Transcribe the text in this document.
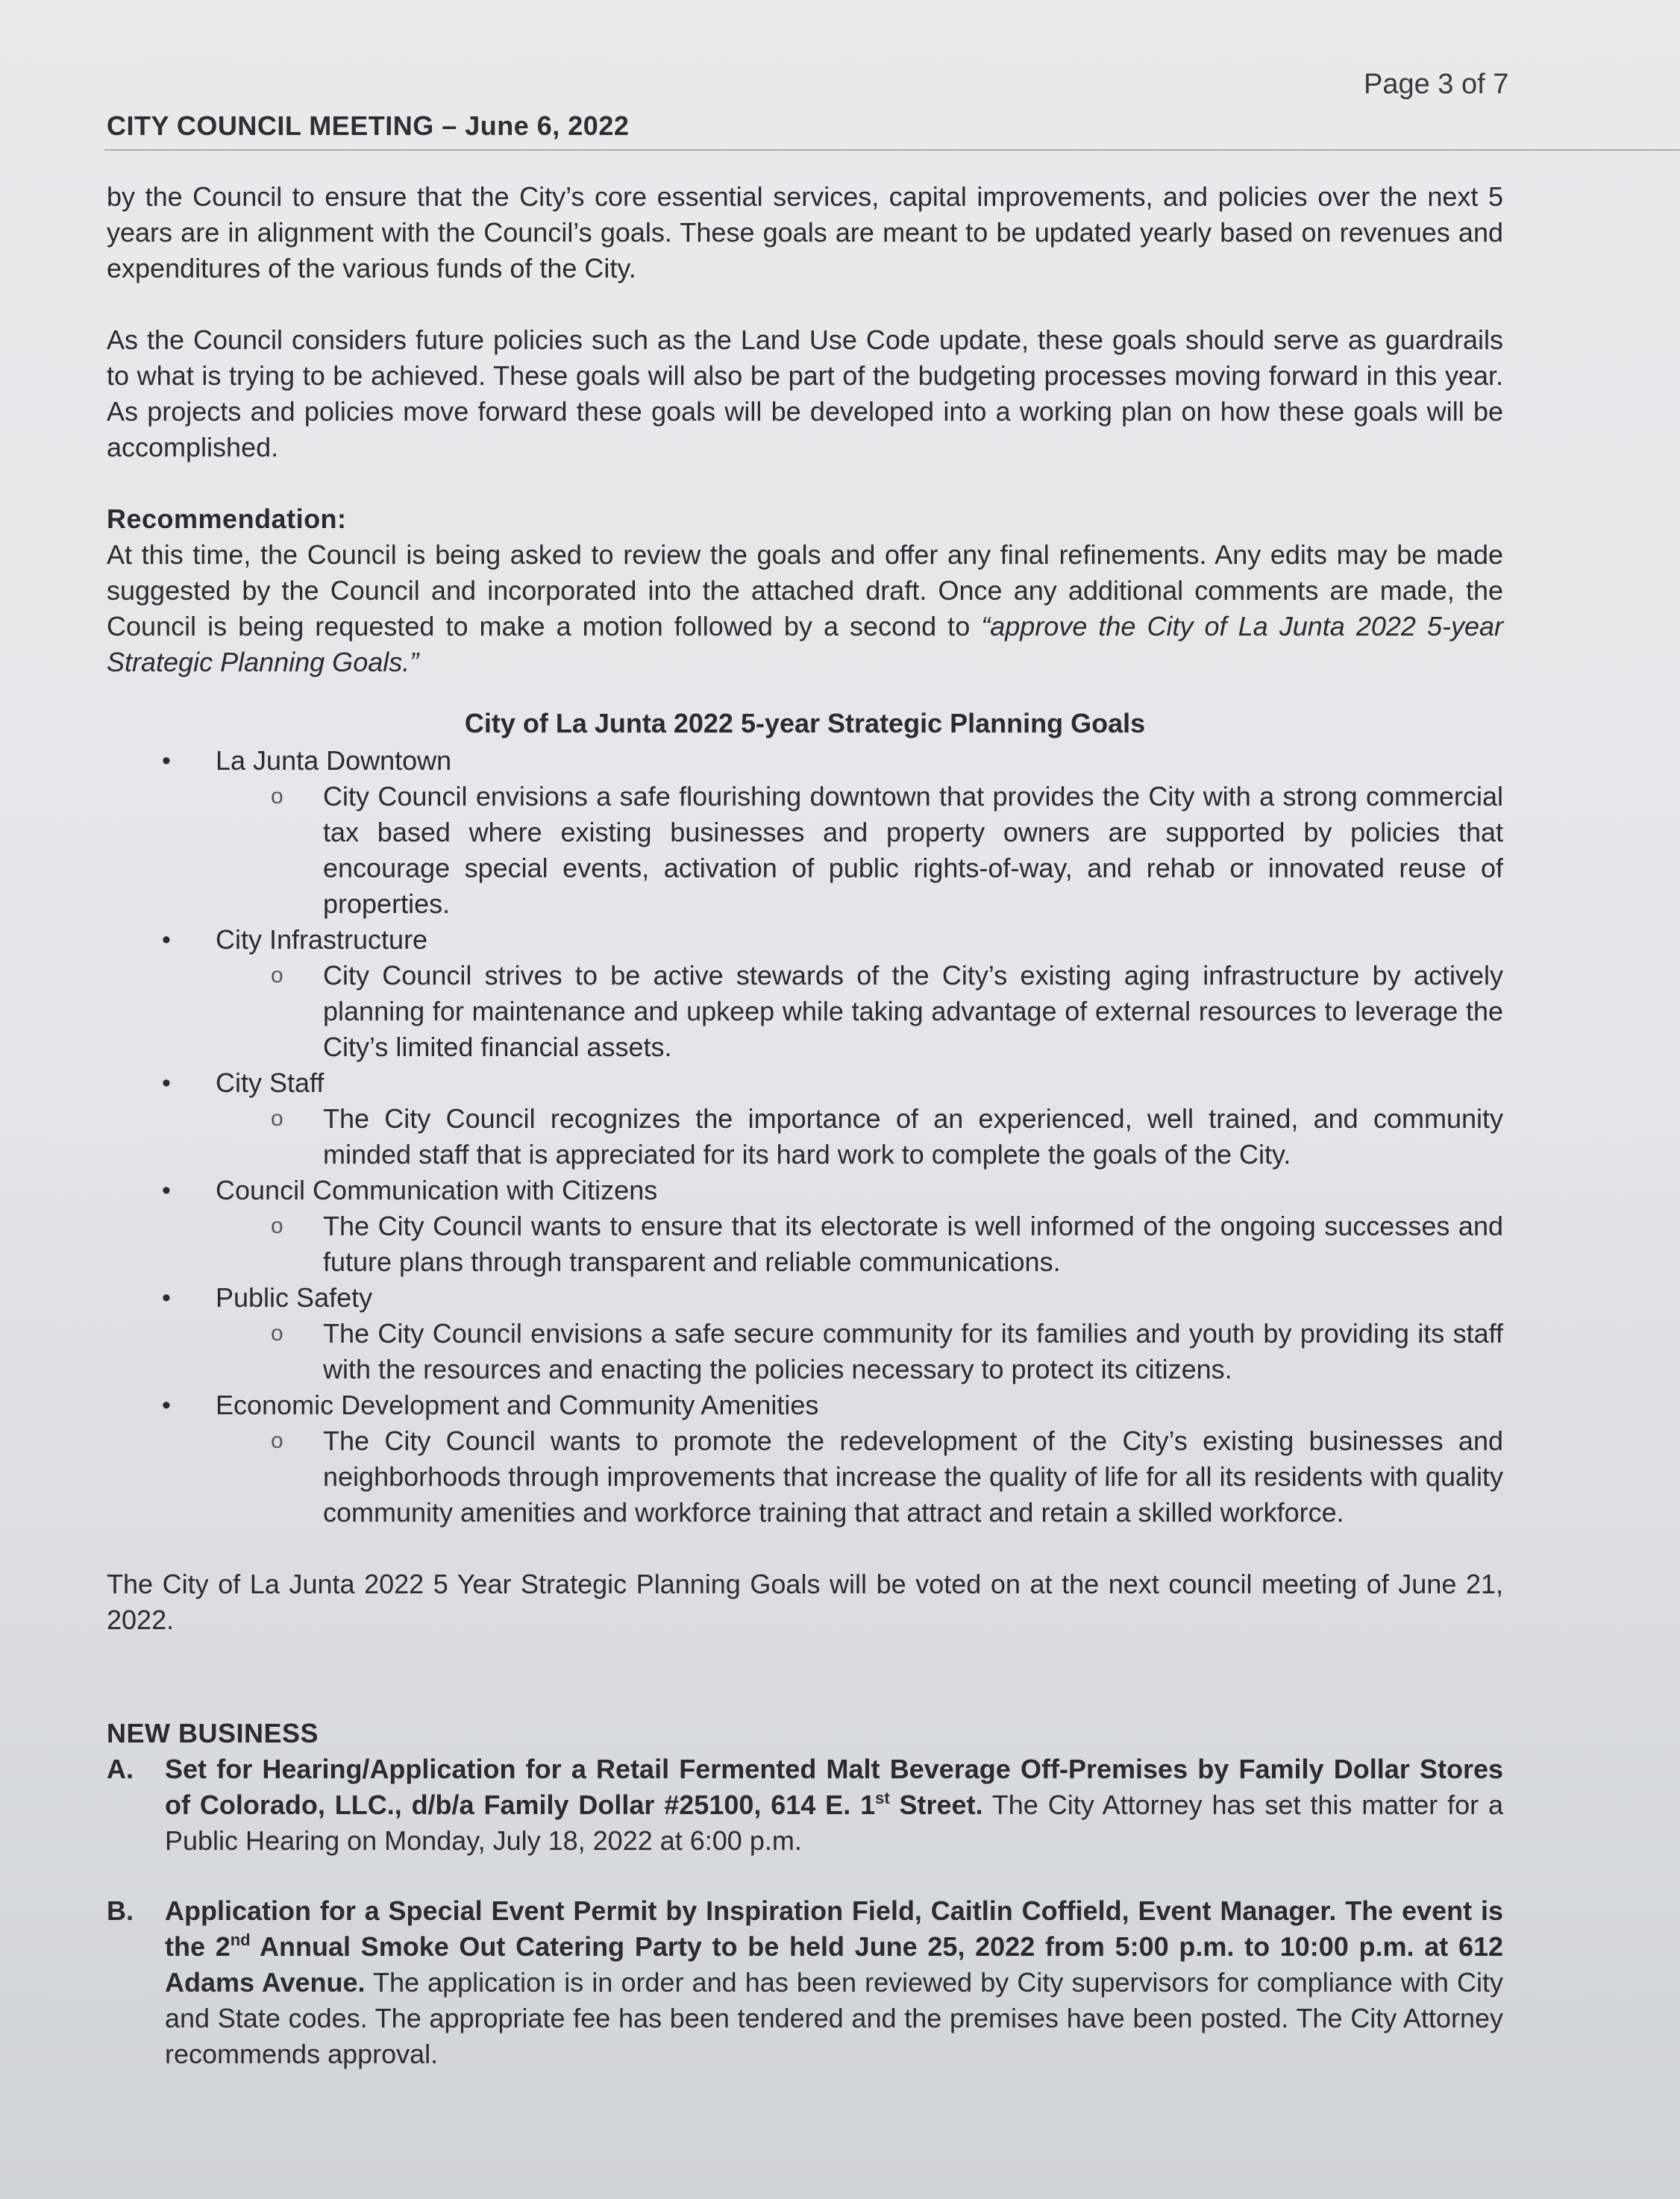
Page 3 of 7
CITY COUNCIL MEETING – June 6, 2022

by the Council to ensure that the City’s core essential services, capital improvements, and policies over the next 5 years are in alignment with the Council’s goals. These goals are meant to be updated yearly based on revenues and expenditures of the various funds of the City.

As the Council considers future policies such as the Land Use Code update, these goals should serve as guardrails to what is trying to be achieved. These goals will also be part of the budgeting processes moving forward in this year. As projects and policies move forward these goals will be developed into a working plan on how these goals will be accomplished.

Recommendation:

At this time, the Council is being asked to review the goals and offer any final refinements. Any edits may be made suggested by the Council and incorporated into the attached draft. Once any additional comments are made, the Council is being requested to make a motion followed by a second to “approve the City of La Junta 2022 5-year Strategic Planning Goals.”

City of La Junta 2022 5-year Strategic Planning Goals
• La Junta Downtown
o City Council envisions a safe flourishing downtown that provides the City with a strong commercial tax based where existing businesses and property owners are supported by policies that encourage special events, activation of public rights-of-way, and rehab or innovated reuse of properties.
• City Infrastructure
o City Council strives to be active stewards of the City’s existing aging infrastructure by actively planning for maintenance and upkeep while taking advantage of external resources to leverage the City’s limited financial assets.
• City Staff
o The City Council recognizes the importance of an experienced, well trained, and community minded staff that is appreciated for its hard work to complete the goals of the City.
• Council Communication with Citizens
o The City Council wants to ensure that its electorate is well informed of the ongoing successes and future plans through transparent and reliable communications.
• Public Safety
o The City Council envisions a safe secure community for its families and youth by providing its staff with the resources and enacting the policies necessary to protect its citizens.
• Economic Development and Community Amenities
o The City Council wants to promote the redevelopment of the City’s existing businesses and neighborhoods through improvements that increase the quality of life for all its residents with quality community amenities and workforce training that attract and retain a skilled workforce.

The City of La Junta 2022 5 Year Strategic Planning Goals will be voted on at the next council meeting of June 21, 2022.

NEW BUSINESS
A. Set for Hearing/Application for a Retail Fermented Malt Beverage Off-Premises by Family Dollar Stores of Colorado, LLC., d/b/a Family Dollar #25100, 614 E. 1st Street. The City Attorney has set this matter for a Public Hearing on Monday, July 18, 2022 at 6:00 p.m.

B. Application for a Special Event Permit by Inspiration Field, Caitlin Coffield, Event Manager. The event is the 2nd Annual Smoke Out Catering Party to be held June 25, 2022 from 5:00 p.m. to 10:00 p.m. at 612 Adams Avenue. The application is in order and has been reviewed by City supervisors for compliance with City and State codes. The appropriate fee has been tendered and the premises have been posted. The City Attorney recommends approval.
